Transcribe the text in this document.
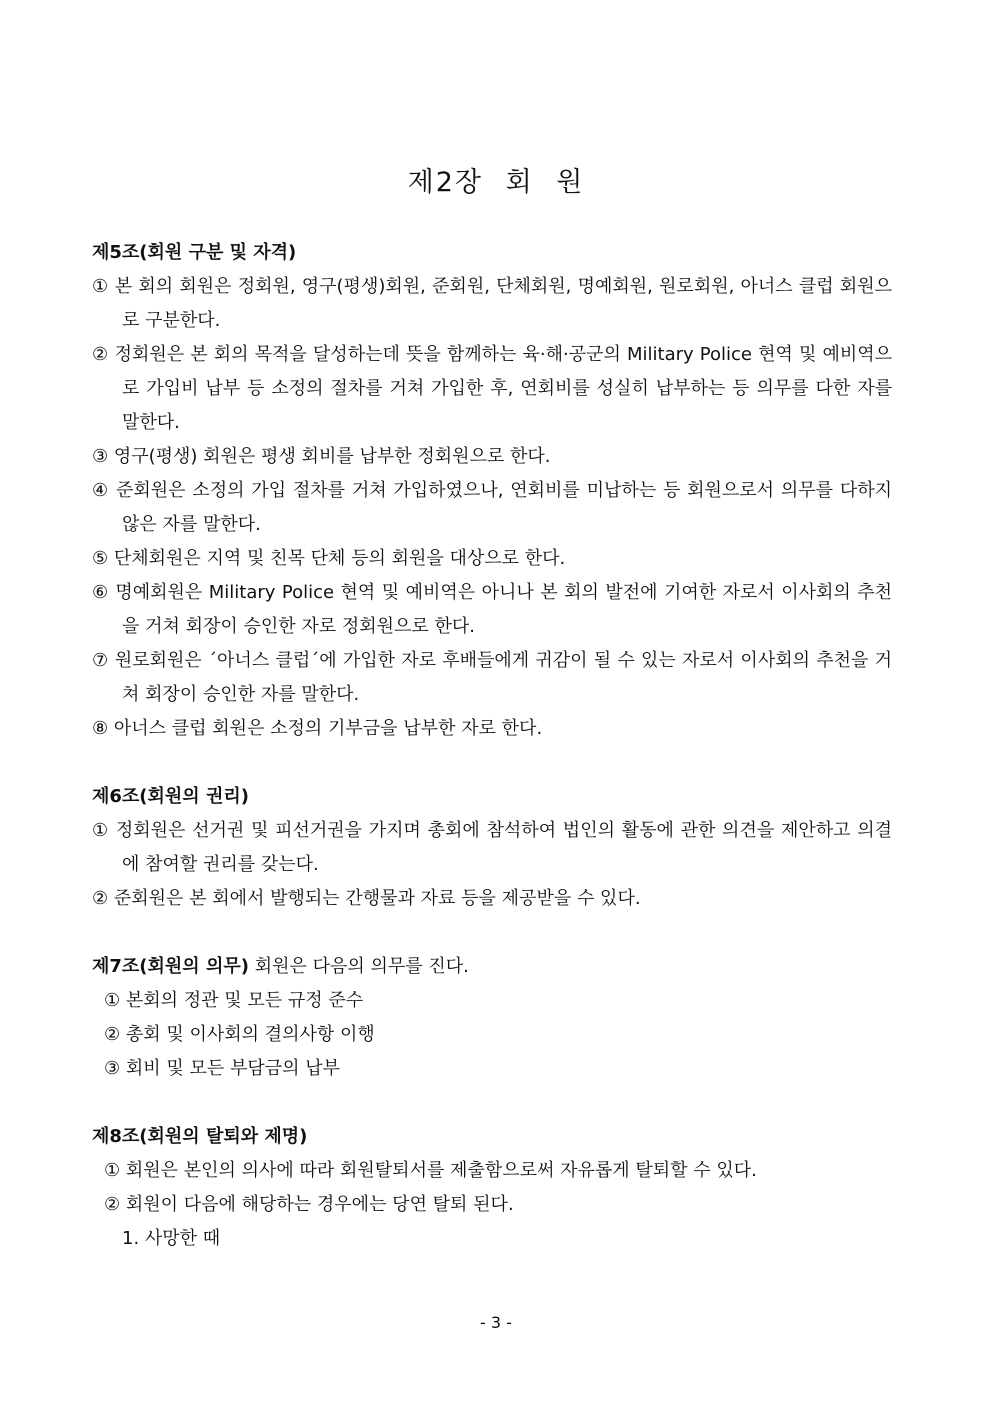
제2장 회 원
제5조(회원 구분 및 자격)
① 본 회의 회원은 정회원, 영구(평생)회원, 준회원, 단체회원, 명예회원, 원로회원, 아너스 클럽 회원으로 구분한다.
② 정회원은 본 회의 목적을 달성하는데 뜻을 함께하는 육·해·공군의 Military Police 현역 및 예비역으로 가입비 납부 등 소정의 절차를 거쳐 가입한 후, 연회비를 성실히 납부하는 등 의무를 다한 자를 말한다.
③ 영구(평생) 회원은 평생 회비를 납부한 정회원으로 한다.
④ 준회원은 소정의 가입 절차를 거쳐 가입하였으나, 연회비를 미납하는 등 회원으로서 의무를 다하지 않은 자를 말한다.
⑤ 단체회원은 지역 및 친목 단체 등의 회원을 대상으로 한다.
⑥ 명예회원은 Military Police 현역 및 예비역은 아니나 본 회의 발전에 기여한 자로서 이사회의 추천을 거쳐 회장이 승인한 자로 정회원으로 한다.
⑦ 원로회원은 ´아너스 클럽´에 가입한 자로 후배들에게 귀감이 될 수 있는 자로서 이사회의 추천을 거쳐 회장이 승인한 자를 말한다.
⑧ 아너스 클럽 회원은 소정의 기부금을 납부한 자로 한다.
제6조(회원의 권리)
① 정회원은 선거권 및 피선거권을 가지며 총회에 참석하여 법인의 활동에 관한 의견을 제안하고 의결에 참여할 권리를 갖는다.
② 준회원은 본 회에서 발행되는 간행물과 자료 등을 제공받을 수 있다.
제7조(회원의 의무) 회원은 다음의 의무를 진다.
① 본회의 정관 및 모든 규정 준수
② 총회 및 이사회의 결의사항 이행
③ 회비 및 모든 부담금의 납부
제8조(회원의 탈퇴와 제명)
① 회원은 본인의 의사에 따라 회원탈퇴서를 제출함으로써 자유롭게 탈퇴할 수 있다.
② 회원이 다음에 해당하는 경우에는 당연 탈퇴 된다.
1. 사망한 때
- 3 -
